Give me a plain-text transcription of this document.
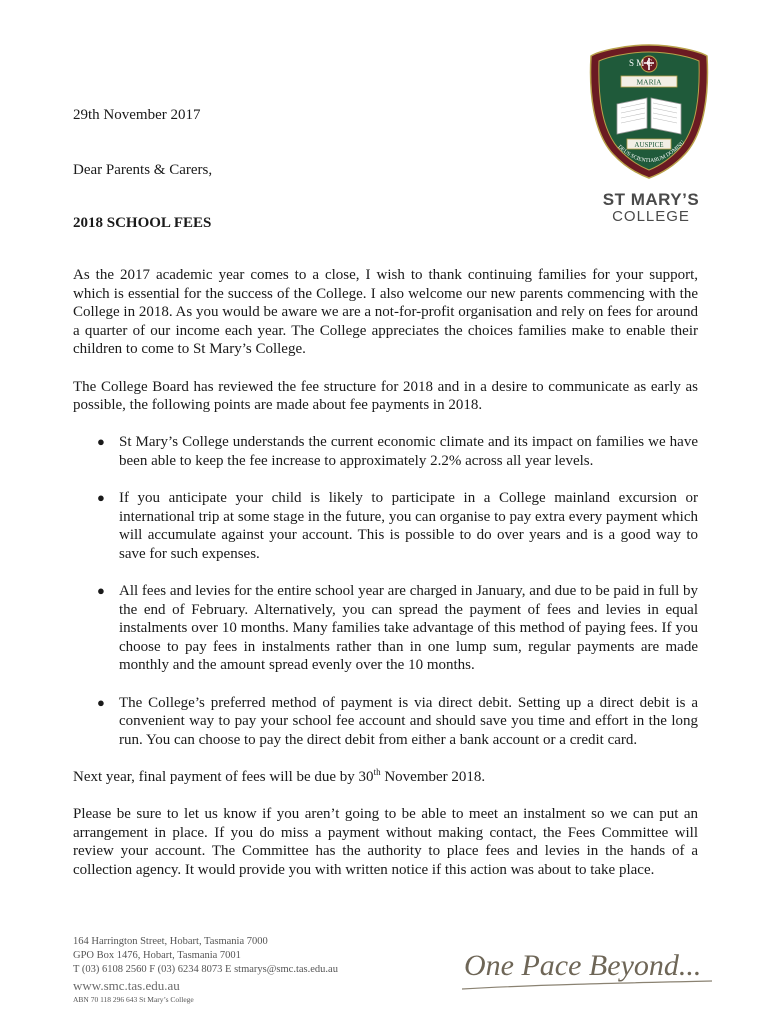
S M C
MARIA
AUSPICE
DEUS SCIENTIARUM DOMINU
ST MARY’S
COLLEGE
29th November 2017
Dear Parents & Carers,
2018 SCHOOL FEES

As the 2017 academic year comes to a close, I wish to thank continuing families for your support, which is essential for the success of the College. I also welcome our new parents commencing with the College in 2018. As you would be aware we are a not-for-profit organisation and rely on fees for around a quarter of our income each year. The College appreciates the choices families make to enable their children to come to St Mary’s College.

The College Board has reviewed the fee structure for 2018 and in a desire to communicate as early as possible, the following points are made about fee payments in 2018.

● St Mary’s College understands the current economic climate and its impact on families we have been able to keep the fee increase to approximately 2.2% across all year levels.
● If you anticipate your child is likely to participate in a College mainland excursion or international trip at some stage in the future, you can organise to pay extra every payment which will accumulate against your account. This is possible to do over years and is a good way to save for such expenses.
● All fees and levies for the entire school year are charged in January, and due to be paid in full by the end of February. Alternatively, you can spread the payment of fees and levies in equal instalments over 10 months. Many families take advantage of this method of paying fees. If you choose to pay fees in instalments rather than in one lump sum, regular payments are made monthly and the amount spread evenly over the 10 months.
● The College’s preferred method of payment is via direct debit. Setting up a direct debit is a convenient way to pay your school fee account and should save you time and effort in the long run. You can choose to pay the direct debit from either a bank account or a credit card.

Next year, final payment of fees will be due by 30th November 2018.

Please be sure to let us know if you aren’t going to be able to meet an instalment so we can put an arrangement in place. If you do miss a payment without making contact, the Fees Committee will review your account. The Committee has the authority to place fees and levies in the hands of a collection agency. It would provide you with written notice if this action was about to take place.

164 Harrington Street, Hobart, Tasmania 7000
GPO Box 1476, Hobart, Tasmania 7001
T (03) 6108 2560 F (03) 6234 8073 E stmarys@smc.tas.edu.au
www.smc.tas.edu.au
ABN 70 118 296 643 St Mary’s College
One Pace Beyond...
